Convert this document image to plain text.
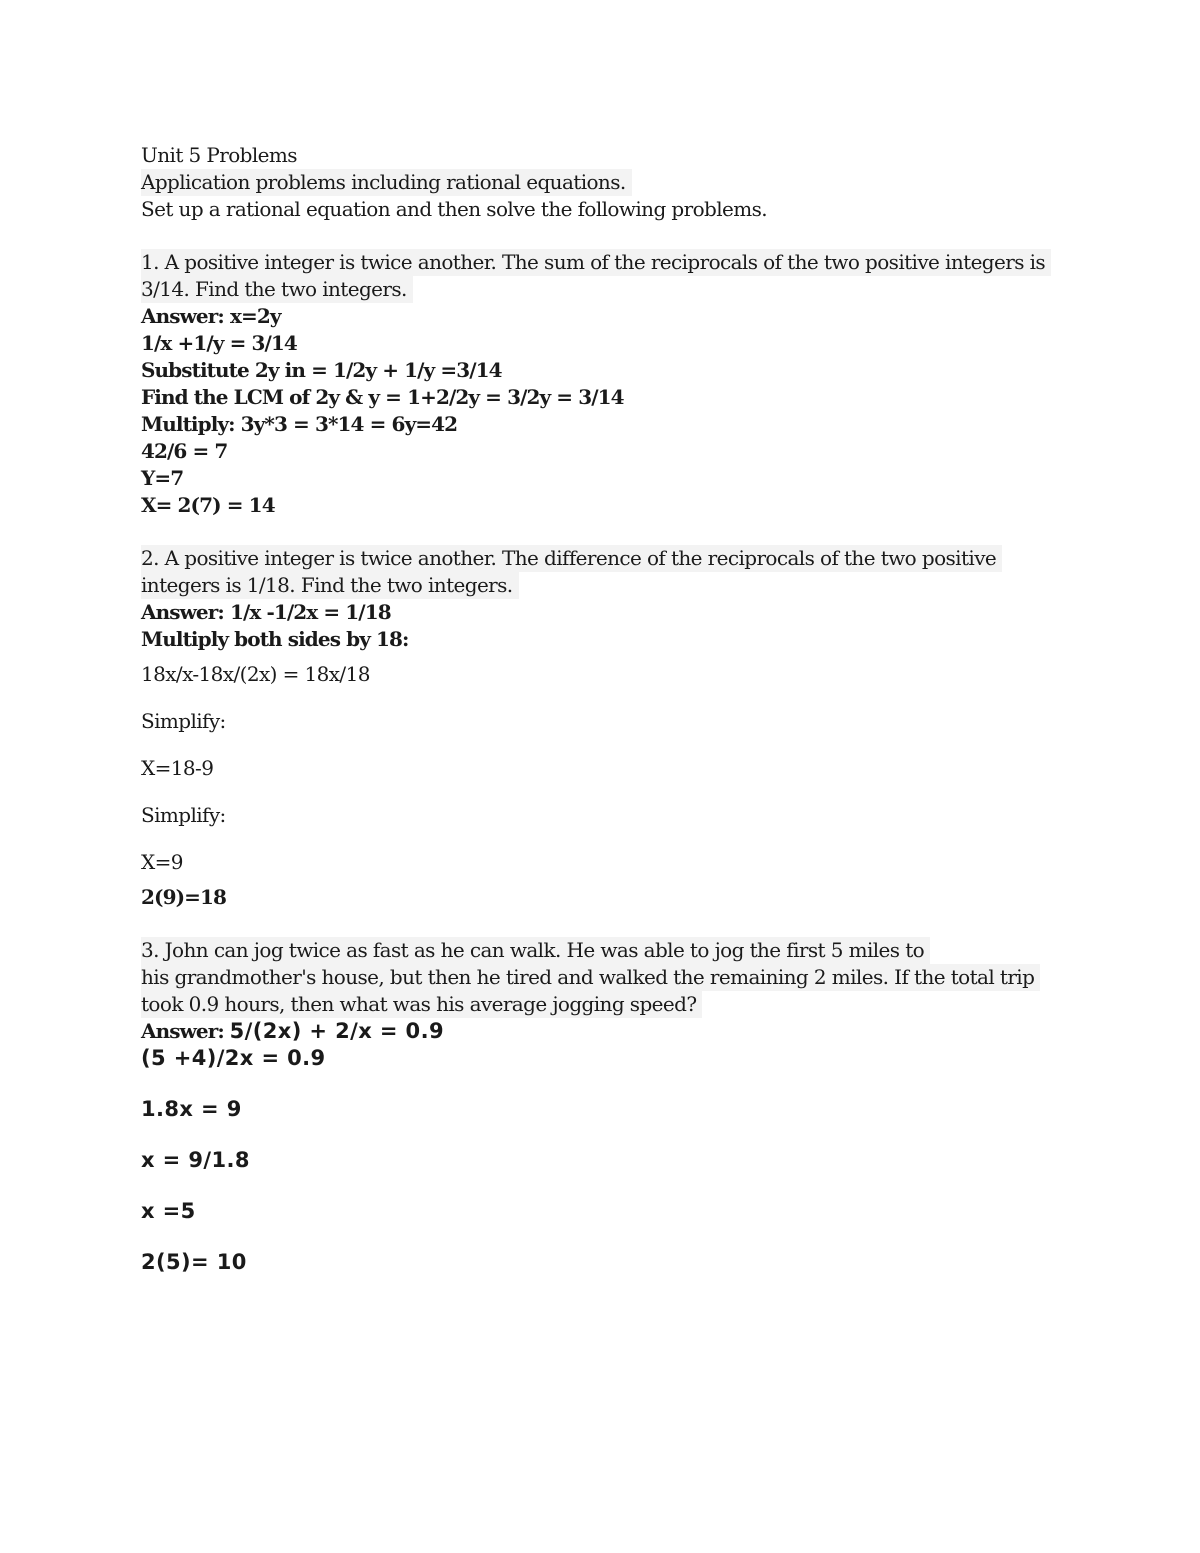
Unit 5 Problems
Application problems including rational equations.
Set up a rational equation and then solve the following problems.
1. A positive integer is twice another. The sum of the reciprocals of the two positive integers is
3/14. Find the two integers.
Answer: x=2y
1/x +1/y = 3/14
Substitute 2y in = 1/2y + 1/y =3/14
Find the LCM of 2y & y = 1+2/2y = 3/2y = 3/14
Multiply: 3y*3 = 3*14 = 6y=42
42/6 = 7
Y=7
X= 2(7) = 14
2. A positive integer is twice another. The difference of the reciprocals of the two positive
integers is 1/18. Find the two integers.
Answer: 1/x -1/2x = 1/18
Multiply both sides by 18:
18x/x-18x/(2x) = 18x/18
Simplify:
X=18-9
Simplify:
X=9
2(9)=18
3. John can jog twice as fast as he can walk. He was able to jog the first 5 miles to
his grandmother's house, but then he tired and walked the remaining 2 miles. If the total trip
took 0.9 hours, then what was his average jogging speed?
Answer: 5/(2x) + 2/x = 0.9
(5 +4)/2x = 0.9
1.8x = 9
x = 9/1.8
x =5
2(5)= 10
